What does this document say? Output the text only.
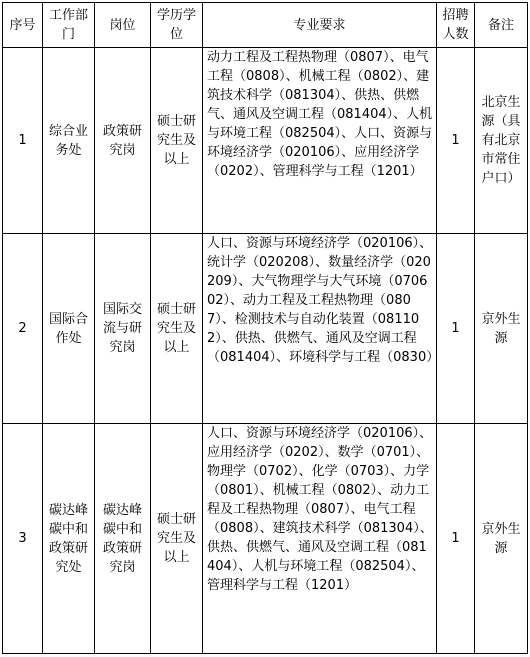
序号	工作部门	岗位	学历学位	专业要求	招聘人数	备注
1	综合业务处	政策研究岗	硕士研究生及以上	动力工程及工程热物理（0807）、电气工程（0808）、机械工程（0802）、建筑技术科学（081304）、供热、供燃气、通风及空调工程（081404）、人机与环境工程（082504）、人口、资源与环境经济学（020106）、应用经济学（0202）、管理科学与工程（1201）	1	北京生源（具有北京市常住户口）
2	国际合作处	国际交流与研究岗	硕士研究生及以上	人口、资源与环境经济学（020106）、统计学（020208）、数量经济学（020209）、大气物理学与大气环境（070602）、动力工程及工程热物理（0807）、检测技术与自动化装置（081102）、供热、供燃气、通风及空调工程（081404）、环境科学与工程（0830）	1	京外生源
3	碳达峰碳中和政策研究处	碳达峰碳中和政策研究岗	硕士研究生及以上	人口、资源与环境经济学（020106）、应用经济学（0202）、数学（0701）、物理学（0702）、化学（0703）、力学（0801）、机械工程（0802）、动力工程及工程热物理（0807）、电气工程（0808）、建筑技术科学（081304）、供热、供燃气、通风及空调工程（081404）、人机与环境工程（082504）、管理科学与工程（1201）	1	京外生源
